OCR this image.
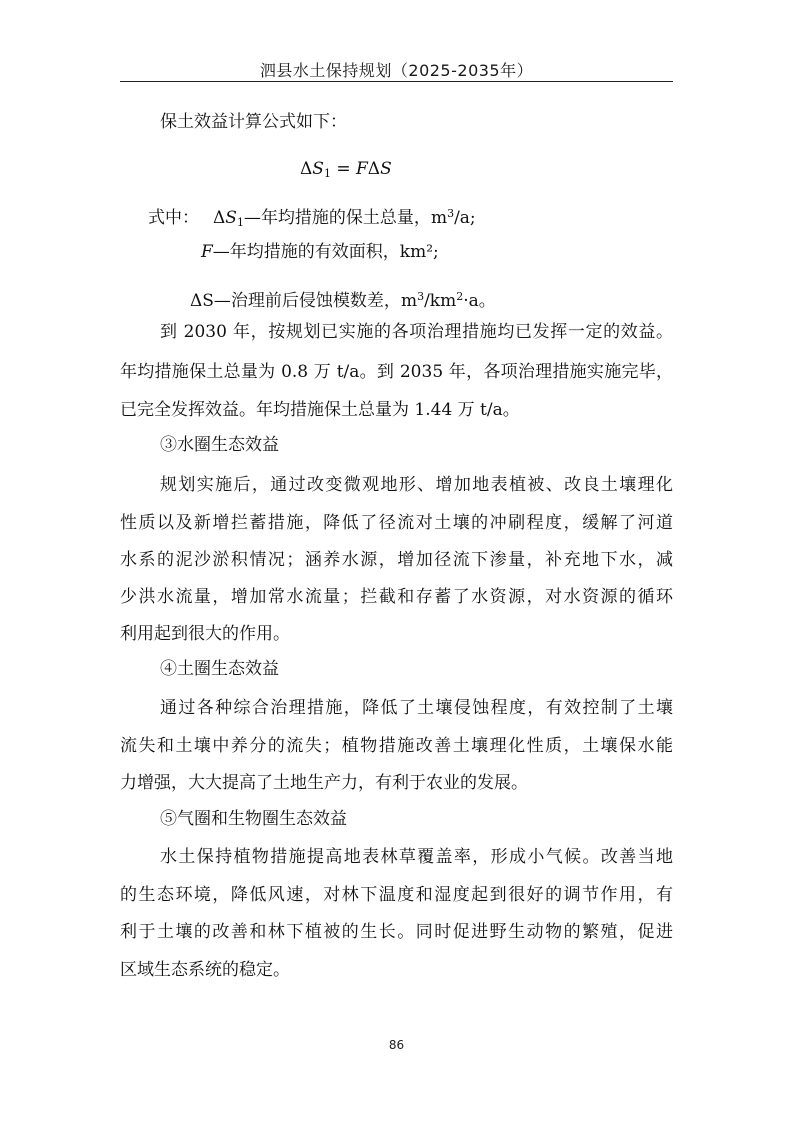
泗县水土保持规划（2025-2035年）
保土效益计算公式如下：
$\Delta S_1 = F\Delta S$
式中： $\Delta S_1—$年均措施的保土总量，$m^3/a$;
F—年均措施的有效面积，km²;
ΔS—治理前后侵蚀模数差，$m^3/km^2\cdot a$。
到 2030 年，按规划已实施的各项治理措施均已发挥一定的效益。
年均措施保土总量为 0.8 万 t/a。到 2035 年，各项治理措施实施完毕，
已完全发挥效益。年均措施保土总量为 1.44 万 t/a。
③水圈生态效益
规划实施后，通过改变微观地形、增加地表植被、改良土壤理化
性质以及新增拦蓄措施，降低了径流对土壤的冲刷程度，缓解了河道
水系的泥沙淤积情况；涵养水源，增加径流下渗量，补充地下水，减
少洪水流量，增加常水流量；拦截和存蓄了水资源，对水资源的循环
利用起到很大的作用。
④土圈生态效益
通过各种综合治理措施，降低了土壤侵蚀程度，有效控制了土壤
流失和土壤中养分的流失；植物措施改善土壤理化性质，土壤保水能
力增强，大大提高了土地生产力，有利于农业的发展。
⑤气圈和生物圈生态效益
水土保持植物措施提高地表林草覆盖率，形成小气候。改善当地
的生态环境，降低风速，对林下温度和湿度起到很好的调节作用，有
利于土壤的改善和林下植被的生长。同时促进野生动物的繁殖，促进
区域生态系统的稳定。
86
